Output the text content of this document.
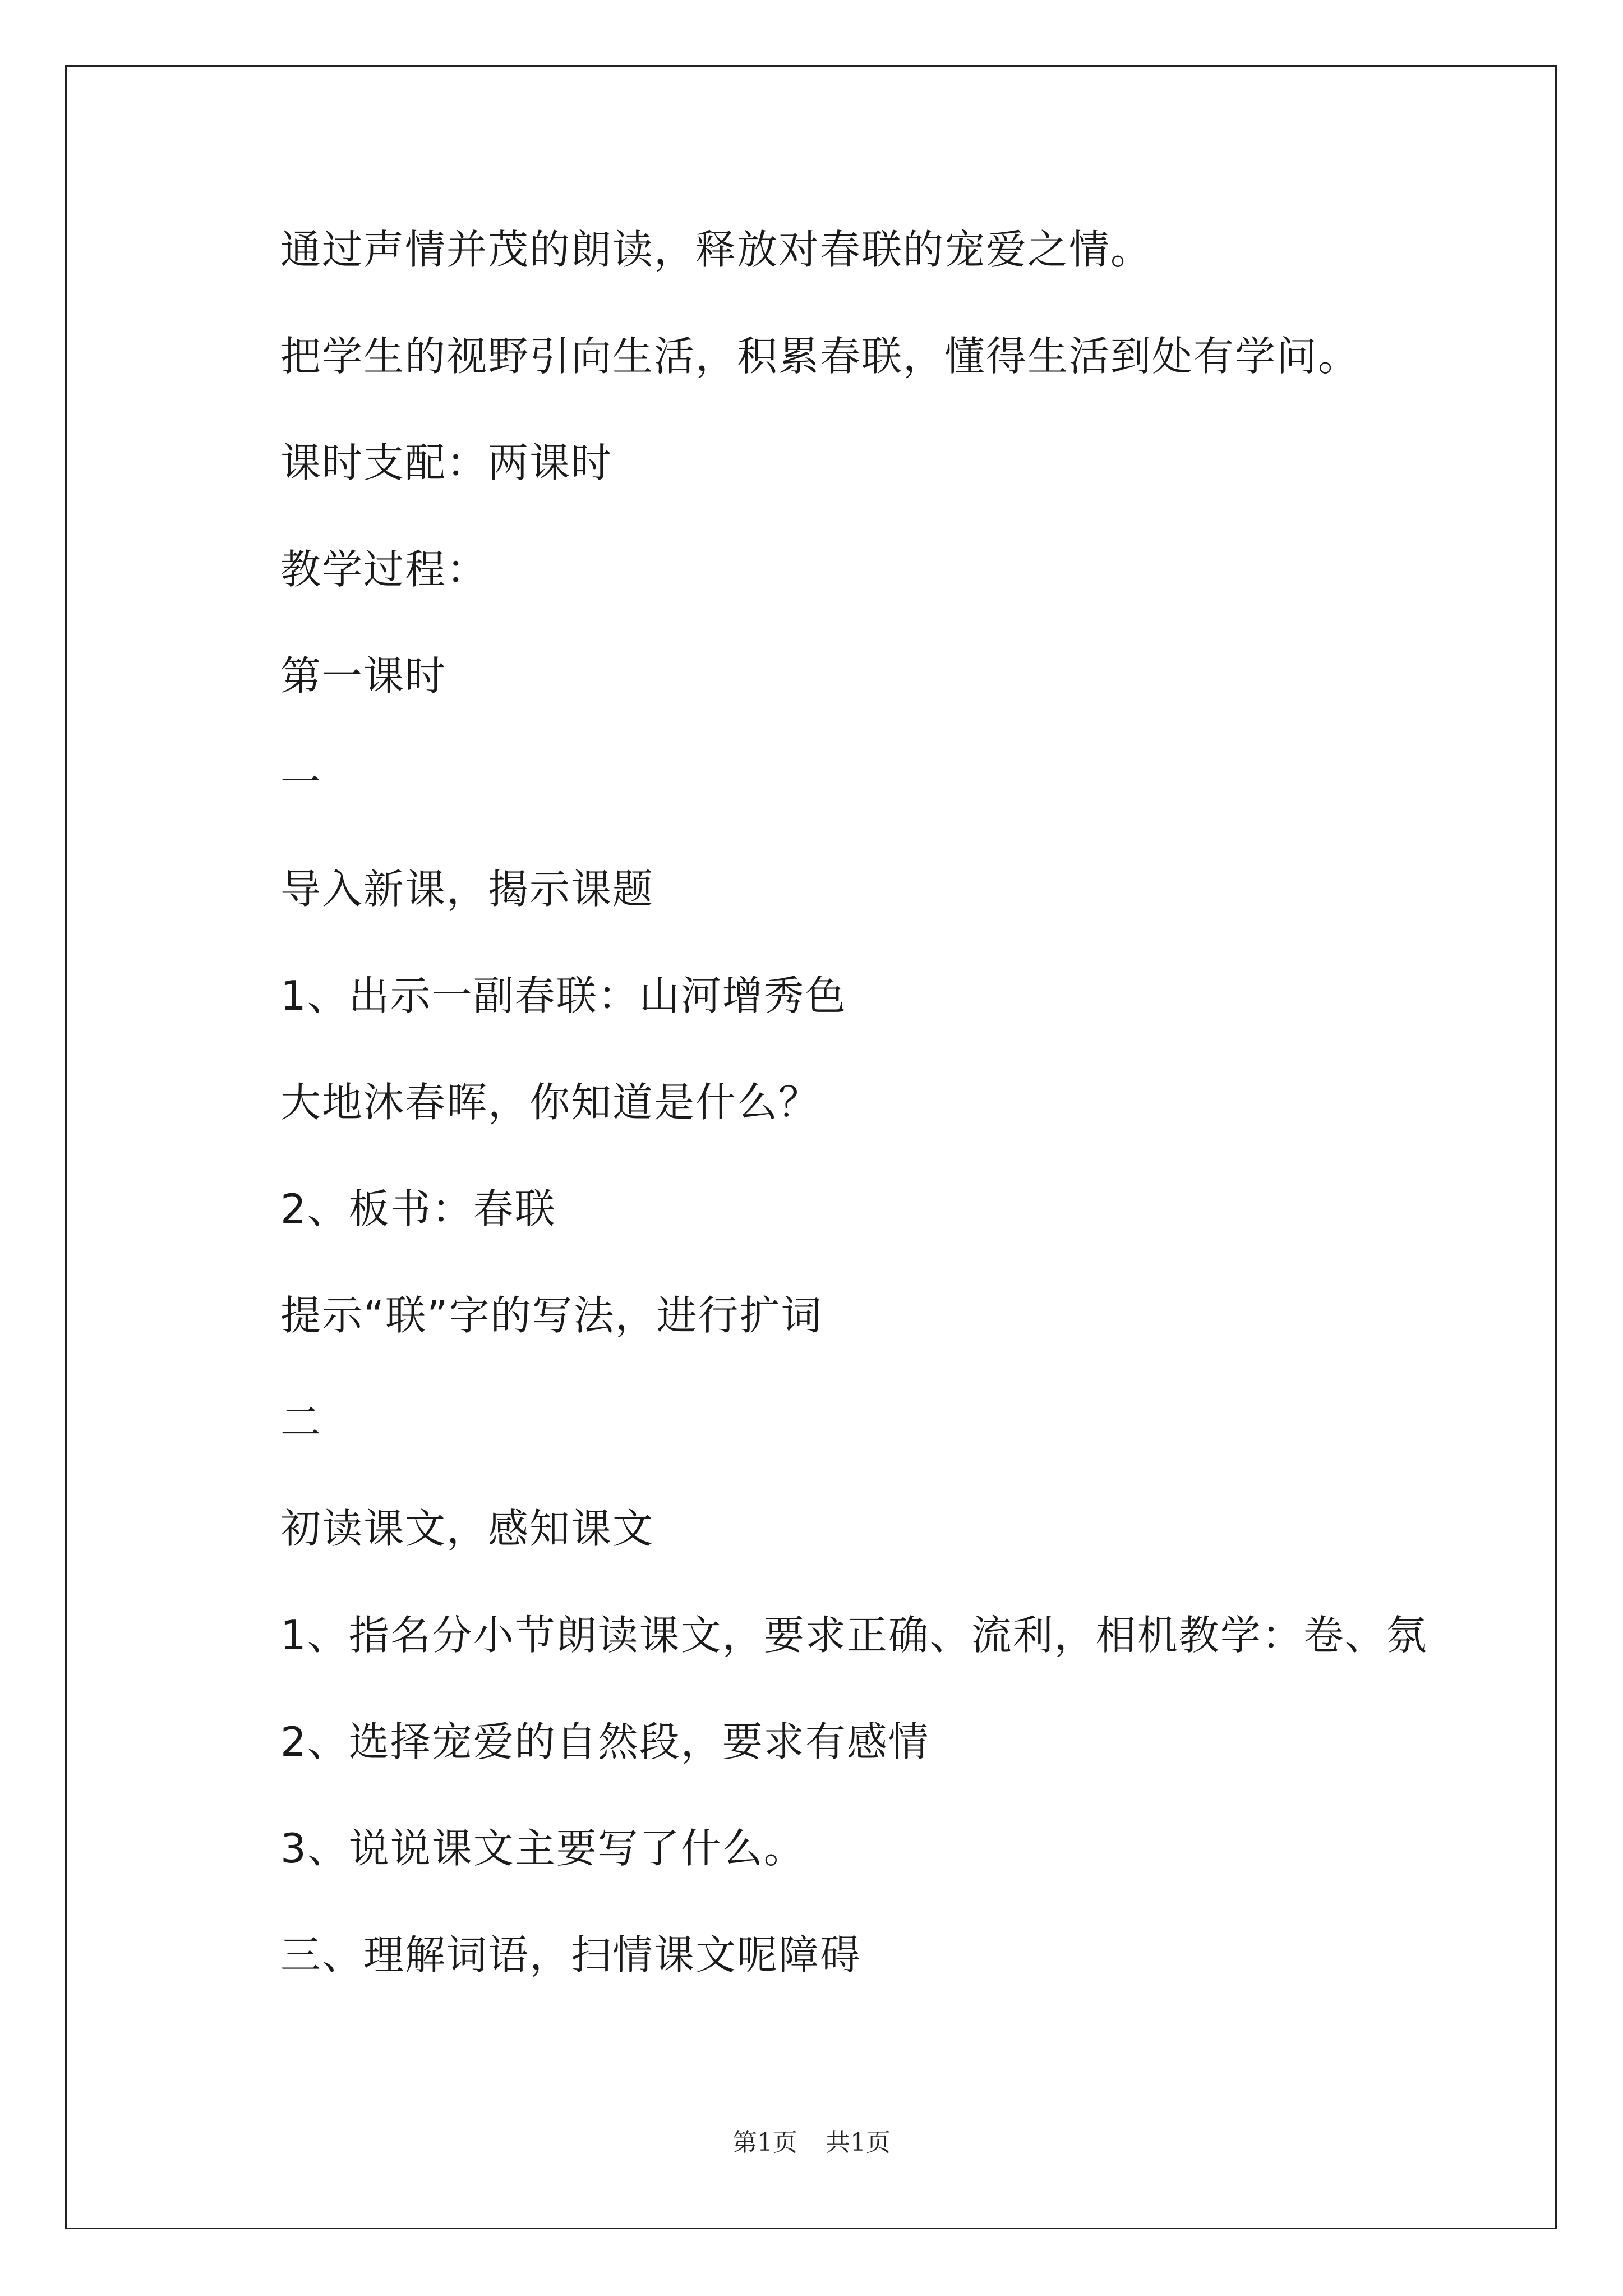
通过声情并茂的朗读，释放对春联的宠爱之情。
把学生的视野引向生活，积累春联，懂得生活到处有学问。
课时支配：两课时
教学过程：
第一课时
一
导入新课，揭示课题
1、出示一副春联：山河增秀色
大地沐春晖，你知道是什么？
2、板书：春联
提示“联”字的写法，进行扩词
二
初读课文，感知课文
1、指名分小节朗读课文，要求正确、流利，相机教学：卷、氛
2、选择宠爱的自然段，要求有感情
3、说说课文主要写了什么。
三、理解词语，扫情课文呢障碍
第1页 共1页
